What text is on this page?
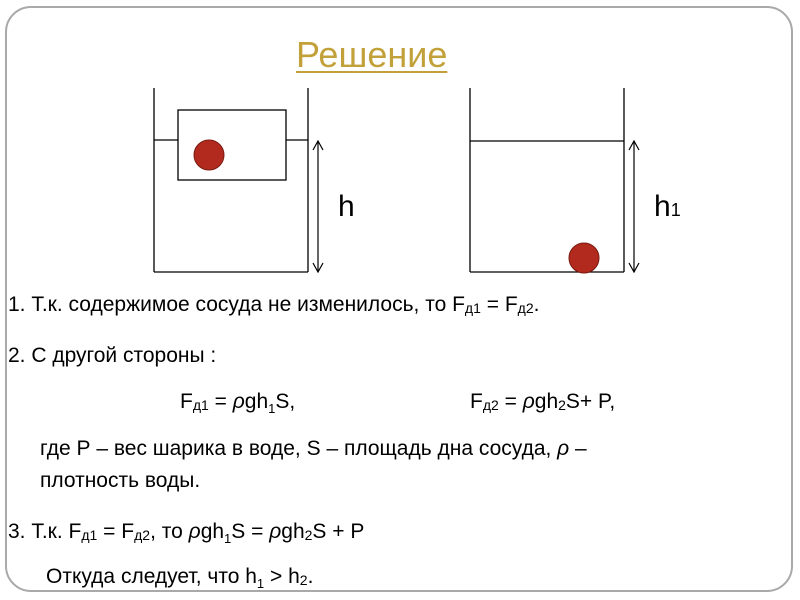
Решение
h	h1
1. Т.к. содержимое сосуда не изменилось, то Fд1 = Fд2.
2. С другой стороны :
Fд1 = ρgh$_1$S,	Fд2 = ρgh2S+ P,
где Р – вес шарика в воде, S – площадь дна сосуда, ρ –
плотность воды.
3. Т.к. Fд1 = Fд2, то ρgh$_1$S = ρgh2S + P
Откуда следует, что $h_1 > h2$.
